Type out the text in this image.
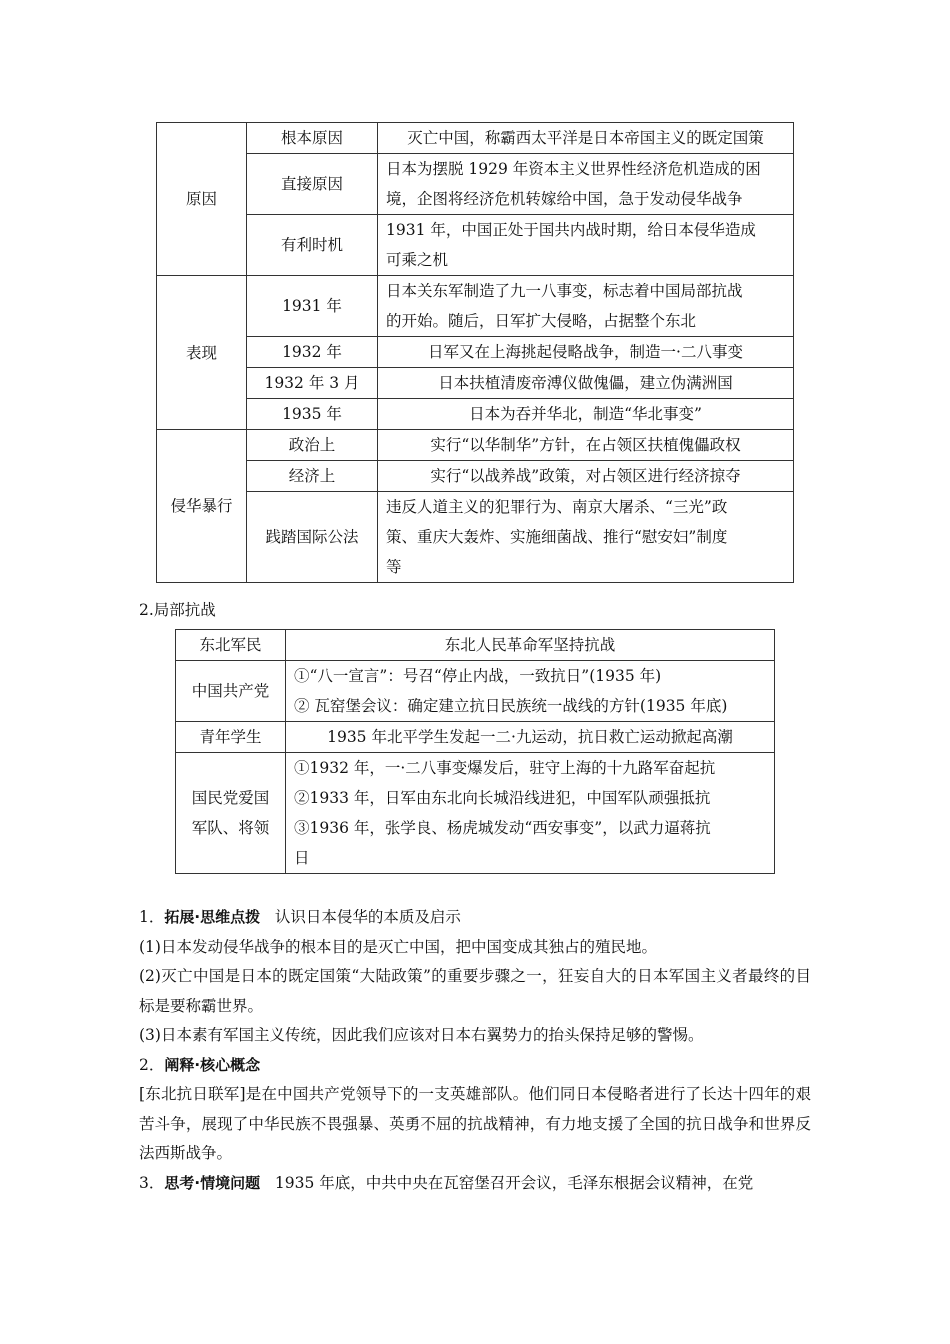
原因	根本原因	灭亡中国，称霸西太平洋是日本帝国主义的既定国策
	直接原因	日本为摆脱 1929 年资本主义世界性经济危机造成的困
境，企图将经济危机转嫁给中国，急于发动侵华战争
	有利时机	1931 年，中国正处于国共内战时期，给日本侵华造成
可乘之机
表现	1931 年	日本关东军制造了九一八事变，标志着中国局部抗战
的开始。随后，日军扩大侵略，占据整个东北
	1932 年	日军又在上海挑起侵略战争，制造一·二八事变
	1932 年 3 月	日本扶植清废帝溥仪做傀儡，建立伪满洲国
	1935 年	日本为吞并华北，制造“华北事变”
侵华暴行	政治上	实行“以华制华”方针，在占领区扶植傀儡政权
	经济上	实行“以战养战”政策，对占领区进行经济掠夺
	践踏国际公法	违反人道主义的犯罪行为、南京大屠杀、“三光”政
策、重庆大轰炸、实施细菌战、推行“慰安妇”制度
等
2.局部抗战
东北军民	东北人民革命军坚持抗战
中国共产党	①“八一宣言”：号召“停止内战，一致抗日”(1935 年)
② 瓦窑堡会议：确定建立抗日民族统一战线的方针(1935 年底)
青年学生	1935 年北平学生发起一二·九运动，抗日救亡运动掀起高潮
国民党爱国
军队、将领	①1932 年，一·二八事变爆发后，驻守上海的十九路军奋起抗
②1933 年，日军由东北向长城沿线进犯，中国军队顽强抵抗
③1936 年，张学良、杨虎城发动“西安事变”，以武力逼蒋抗
日

1．拓展·思维点拨 认识日本侵华的本质及启示

(1)日本发动侵华战争的根本目的是灭亡中国，把中国变成其独占的殖民地。

(2)灭亡中国是日本的既定国策“大陆政策”的重要步骤之一，狂妄自大的日本军国主义者最终的目标是要称霸世界。

(3)日本素有军国主义传统，因此我们应该对日本右翼势力的抬头保持足够的警惕。

2．阐释·核心概念

[东北抗日联军]是在中国共产党领导下的一支英雄部队。他们同日本侵略者进行了长达十四年的艰苦斗争，展现了中华民族不畏强暴、英勇不屈的抗战精神，有力地支援了全国的抗日战争和世界反法西斯战争。

3．思考·情境问题 1935 年底，中共中央在瓦窑堡召开会议，毛泽东根据会议精神，在党
